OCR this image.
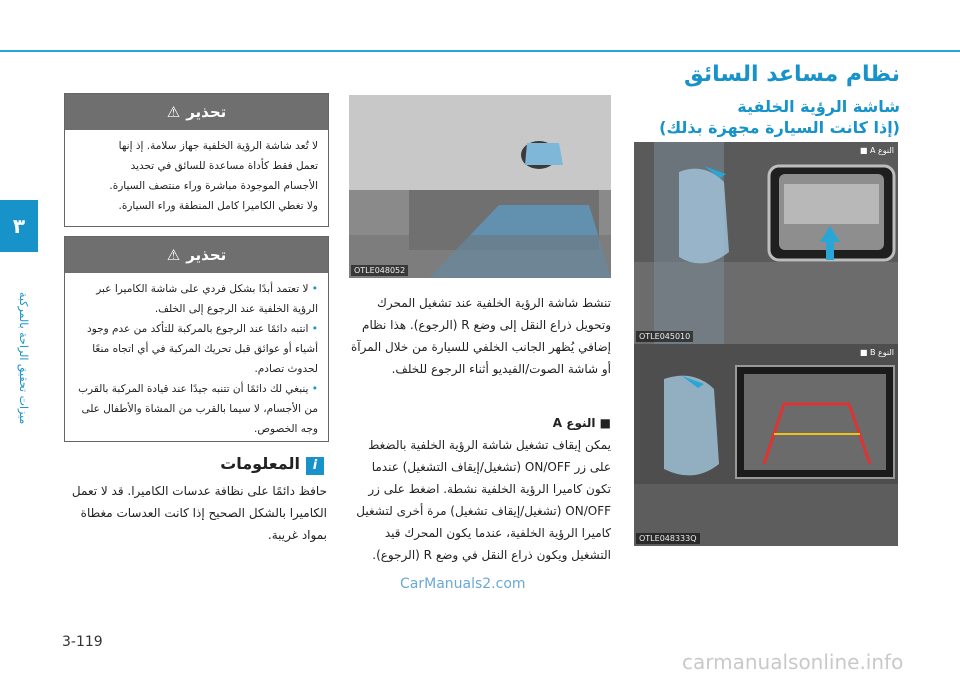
٣
ميزات تحقيق الراحة بالمركبة
نظام مساعد السائق
شاشة الرؤية الخلفية
(إذا كانت السيارة مجهزة بذلك)
النوع A ■
OTLE045010
النوع B ■
OTLE048333Q
OTLE048052
تنشط شاشة الرؤية الخلفية عند تشغيل المحرك وتحويل ذراع النقل إلى وضع R (الرجوع). هذا نظام إضافي يُظهر الجانب الخلفي للسيارة من خلال المرآة أو شاشة الصوت/الفيديو أثناء الرجوع للخلف.
■ النوع A
يمكن إيقاف تشغيل شاشة الرؤية الخلفية بالضغط على زر ON/OFF (تشغيل/إيقاف التشغيل) عندما تكون كاميرا الرؤية الخلفية نشطة. اضغط على زر ON/OFF (تشغيل/إيقاف تشغيل) مرة أخرى لتشغيل كاميرا الرؤية الخلفية، عندما يكون المحرك قيد التشغيل ويكون ذراع النقل في وضع R (الرجوع).
تحذير
⚠
لا تُعد شاشة الرؤية الخلفية جهاز سلامة. إذ إنها
تعمل فقط كأداة مساعدة للسائق في تحديد
الأجسام الموجودة مباشرة وراء منتصف السيارة.
ولا تغطي الكاميرا كامل المنطقة وراء السيارة.
تحذير
⚠
• لا تعتمد أبدًا بشكل فردي على شاشة الكاميرا عبر الرؤية الخلفية عند الرجوع إلى الخلف.
• انتبه دائمًا عند الرجوع بالمركبة للتأكد من عدم وجود أشياء أو عوائق قبل تحريك المركبة في أي اتجاه منعًا لحدوث تصادم.
• ينبغي لك دائمًا أن تتنبه جيدًا عند قيادة المركبة بالقرب من الأجسام، لا سيما بالقرب من المشاة والأطفال على وجه الخصوص.
iالمعلومات
حافظ دائمًا على نظافة عدسات الكاميرا. قد لا تعمل الكاميرا بالشكل الصحيح إذا كانت العدسات مغطاة بمواد غريبة.
3-119
CarManuals2.com
carmanualsonline.info
